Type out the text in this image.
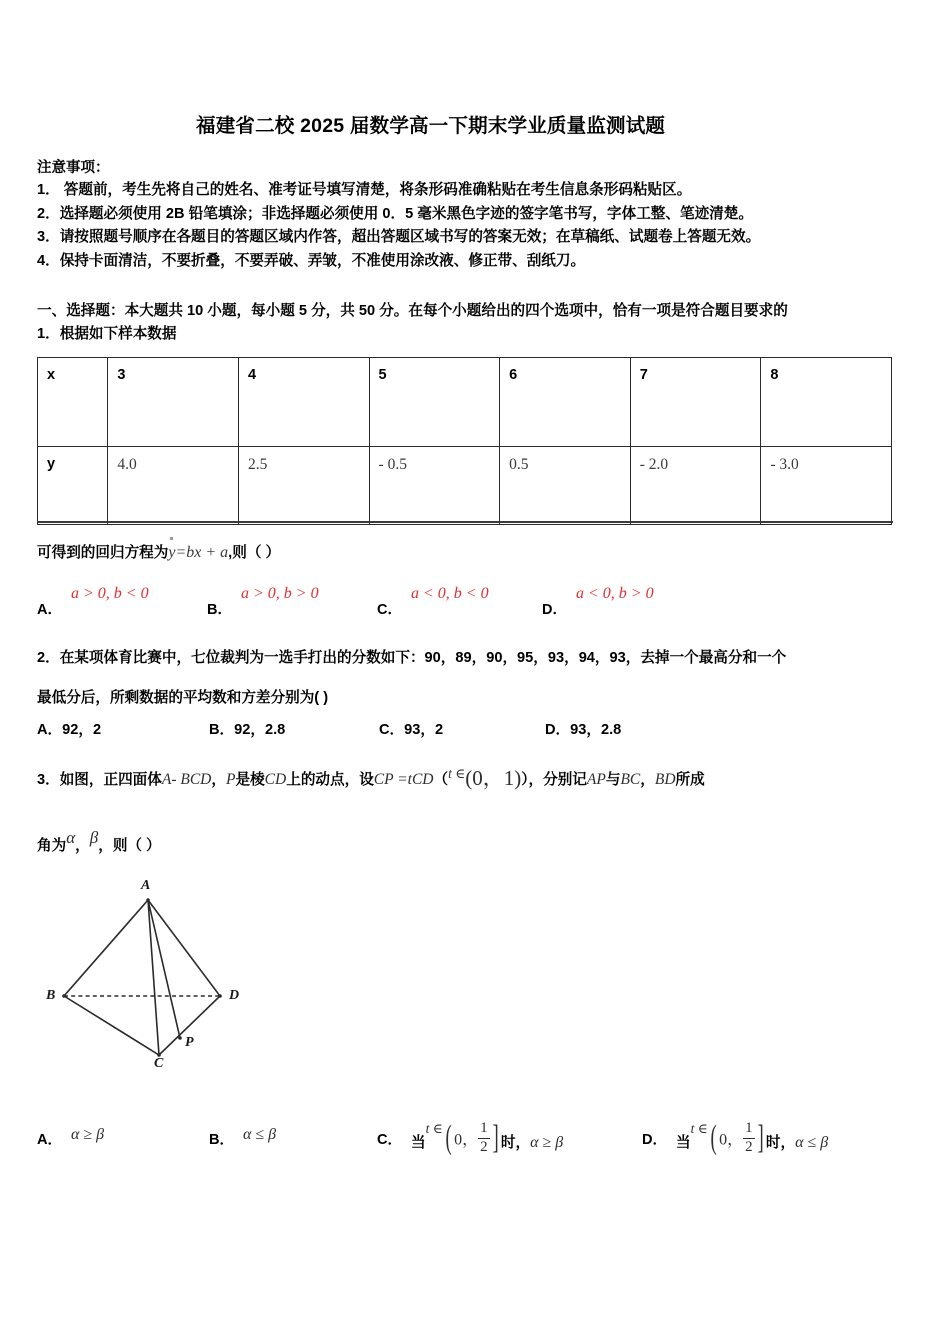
福建省二校 2025 届数学高一下期末学业质量监测试题
注意事项：
1． 答题前，考生先将自己的姓名、准考证号填写清楚，将条形码准确粘贴在考生信息条形码粘贴区。
2．选择题必须使用 2B 铅笔填涂；非选择题必须使用 0．5 毫米黑色字迹的签字笔书写，字体工整、笔迹清楚。
3．请按照题号顺序在各题目的答题区域内作答，超出答题区域书写的答案无效；在草稿纸、试题卷上答题无效。
4．保持卡面清洁，不要折叠，不要弄破、弄皱，不准使用涂改液、修正带、刮纸刀。
一、选择题：本大题共 10 小题，每小题 5 分，共 50 分。在每个小题给出的四个选项中，恰有一项是符合题目要求的
1．根据如下样本数据
x	3	4	5	6	7	8
y	4.0	2.5	- 0.5	0.5	- 2.0	- 3.0
可得到的回归方程为y=bx + a,则（ ）
A．
a > 0, b < 0
B．
a > 0, b > 0
C．
a < 0, b < 0
D．
a < 0, b > 0
2．在某项体育比赛中，七位裁判为一选手打出的分数如下：90，89，90，95，93，94，93，去掉一个最高分和一个
最低分后，所剩数据的平均数和方差分别为( )
A．92，2	B．92，2.8	C．93，2	D．93，2.8
3．如图，正四面体A‑ BCD，P是棱CD上的动点，设CP =tCD（t ∈(0，1)），分别记AP与BC，BD所成
角为α，β，则（ ）
A
B
C
D
P
A． α ≥ β	B． α ≤ β	C． 当t ∈( 0， $\frac{1}{2}$ ] 时，α ≥ β	D． 当t ∈( 0， $\frac{1}{2}$ ] 时，α ≤ β
